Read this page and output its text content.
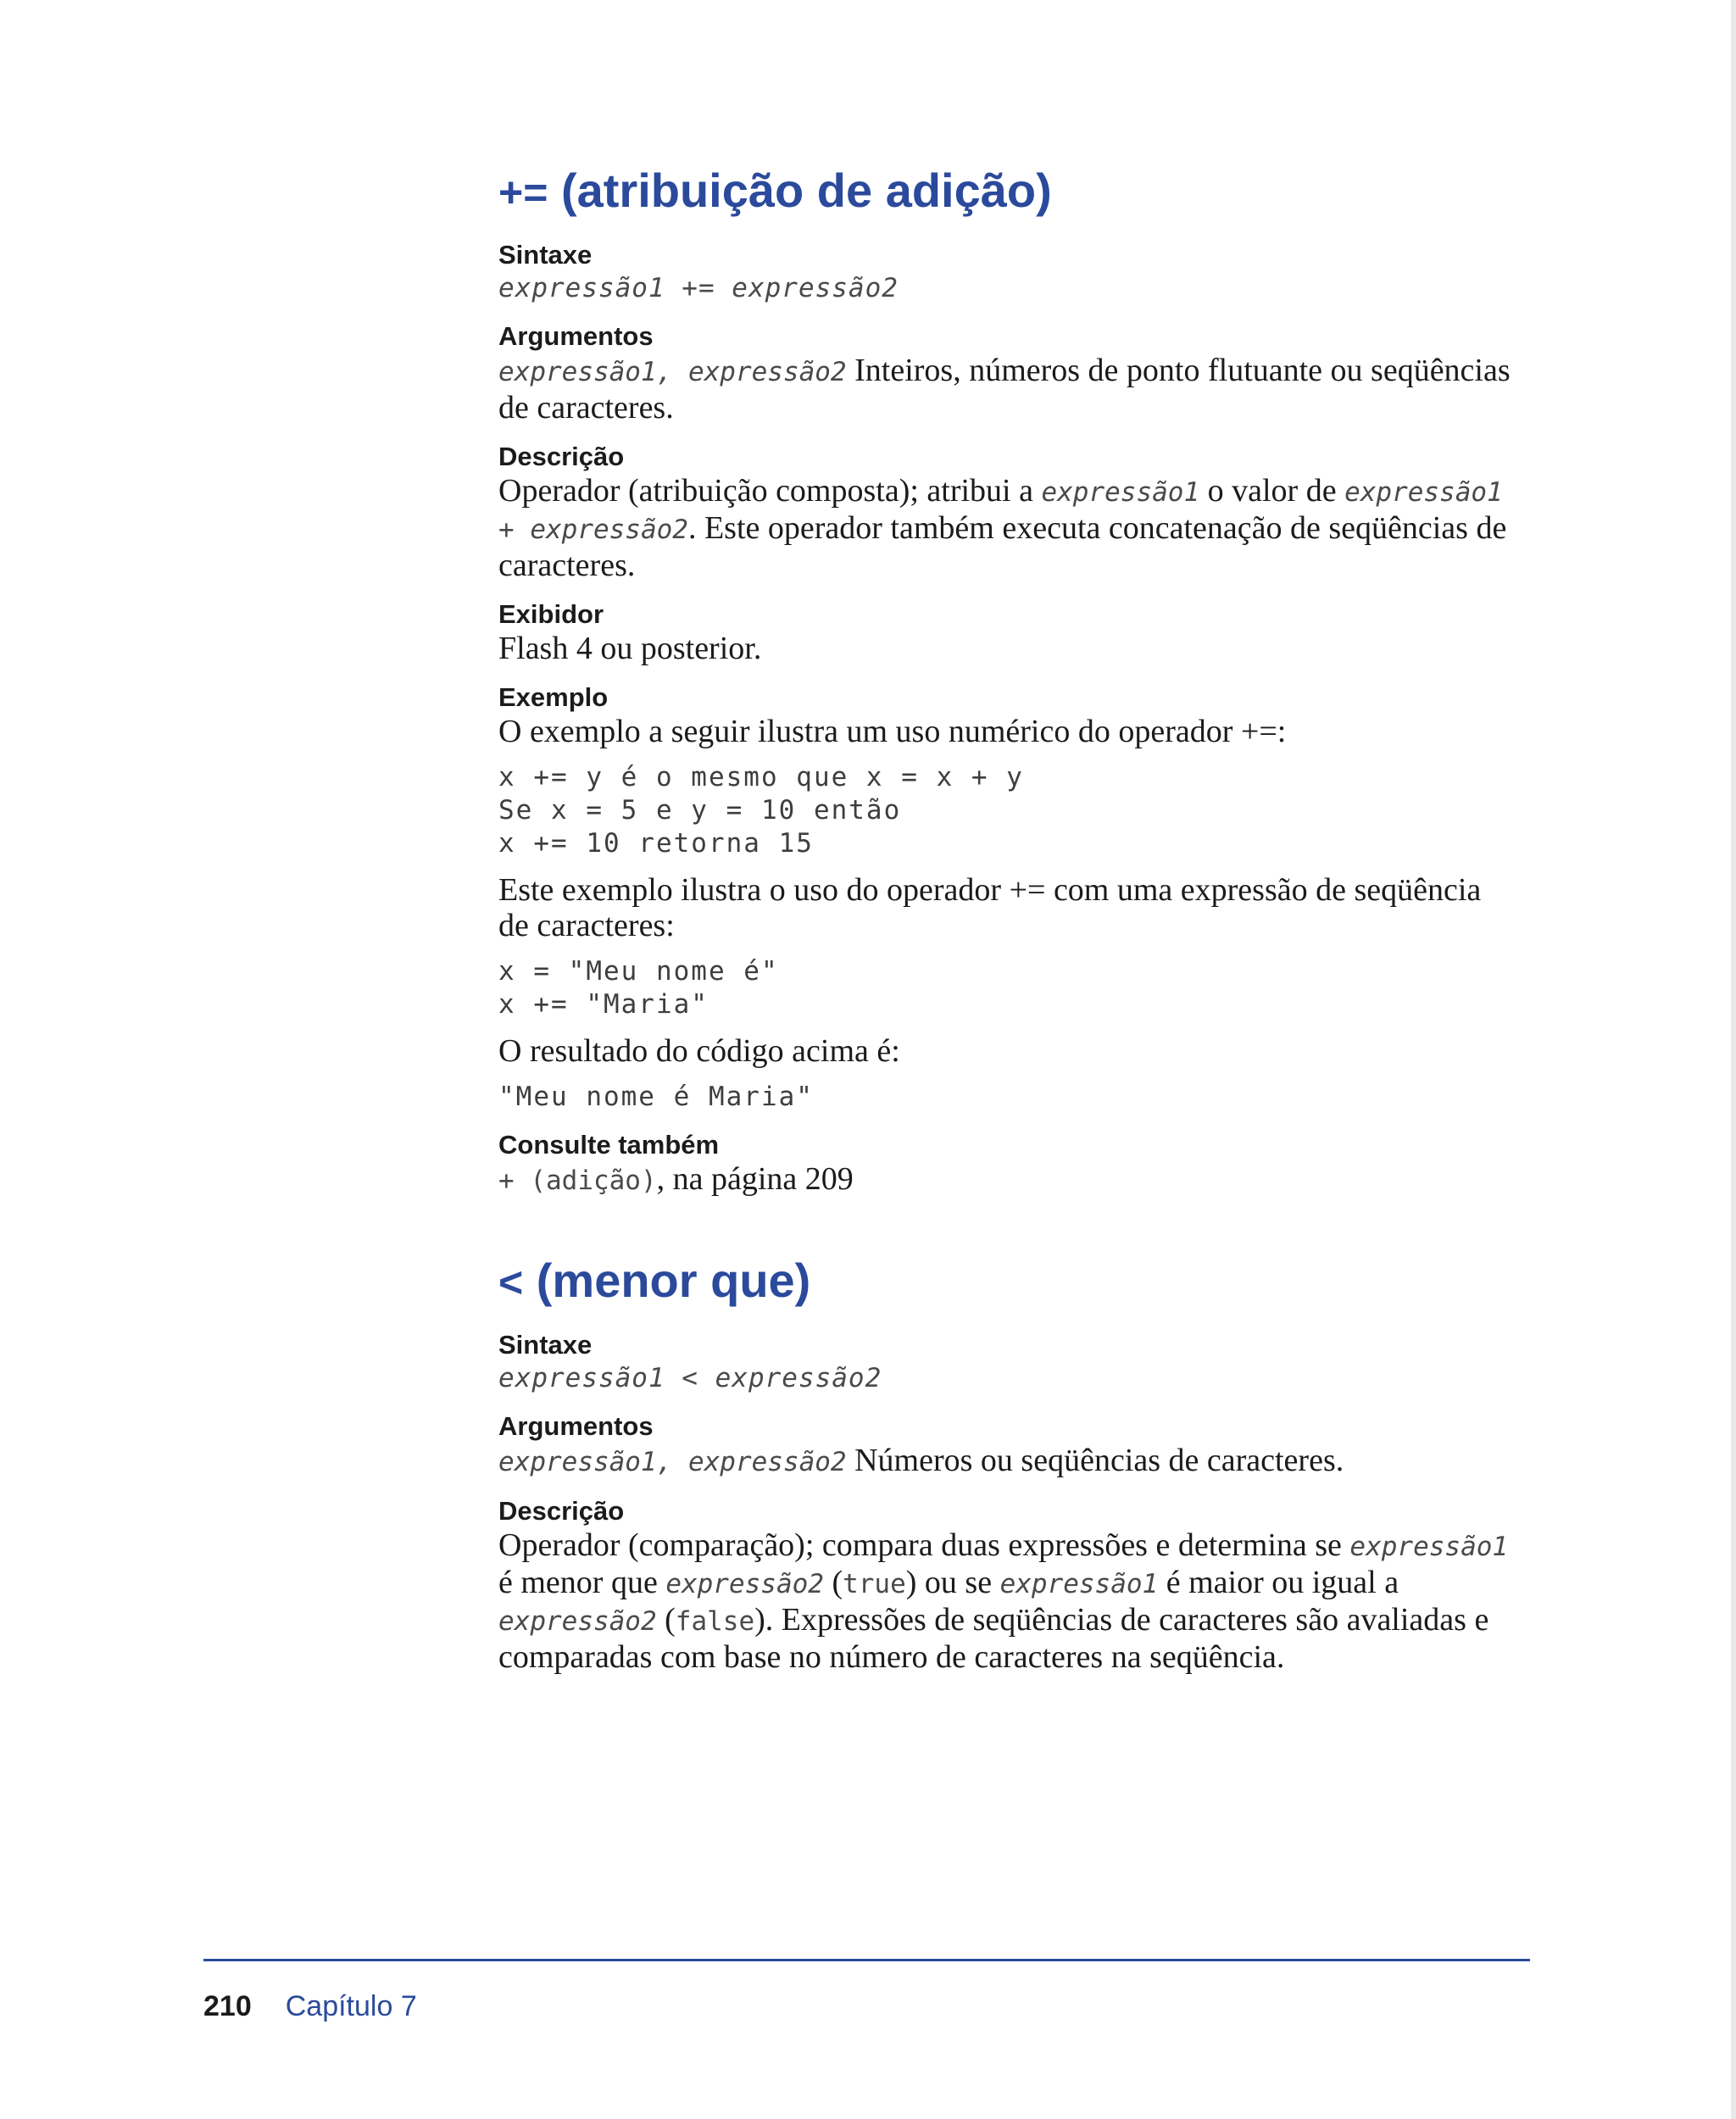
+= (atribuição de adição)
Sintaxe
expressão1 += expressão2
Argumentos

expressão1, expressão2 Inteiros, números de ponto flutuante ou seqüências de caracteres.

Descrição

Operador (atribuição composta); atribui a expressão1 o valor de expressão1 + expressão2. Este operador também executa concatenação de seqüências de caracteres.

Exibidor

Flash 4 ou posterior.

Exemplo

O exemplo a seguir ilustra um uso numérico do operador +=:

x += y é o mesmo que x = x + y
Se x = 5 e y = 10 então
x += 10 retorna 15

Este exemplo ilustra o uso do operador += com uma expressão de seqüência de caracteres:

x = "Meu nome é"
x += "Maria"

O resultado do código acima é:

"Meu nome é Maria"
Consulte também

+ (adição), na página 209

< (menor que)
Sintaxe
expressão1 < expressão2
Argumentos

expressão1, expressão2 Números ou seqüências de caracteres.

Descrição

Operador (comparação); compara duas expressões e determina se expressão1 é menor que expressão2 (true) ou se expressão1 é maior ou igual a expressão2 (false). Expressões de seqüências de caracteres são avaliadas e comparadas com base no número de caracteres na seqüência.

210 Capítulo 7
